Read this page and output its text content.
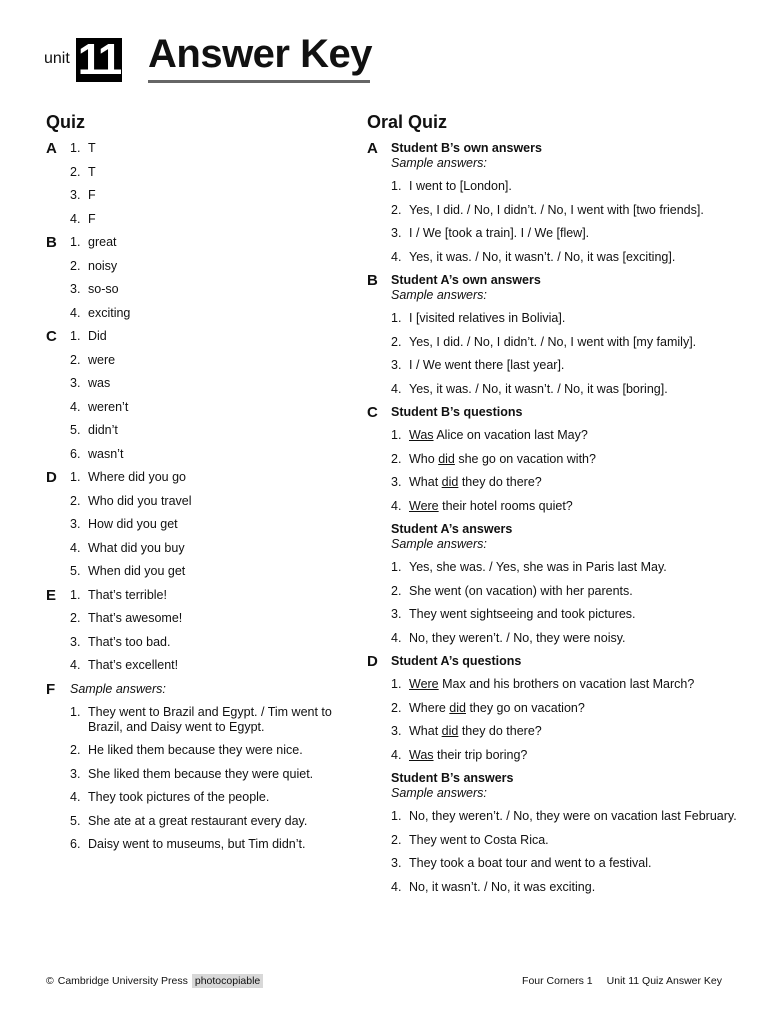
unit 11 Answer Key
Quiz
A 1. T
2. T
3. F
4. F
B 1. great
2. noisy
3. so-so
4. exciting
C 1. Did
2. were
3. was
4. weren’t
5. didn’t
6. wasn’t
D 1. Where did you go
2. Who did you travel
3. How did you get
4. What did you buy
5. When did you get
E 1. That’s terrible!
2. That’s awesome!
3. That’s too bad.
4. That’s excellent!
F Sample answers:
1. They went to Brazil and Egypt. / Tim went to Brazil, and Daisy went to Egypt.
2. He liked them because they were nice.
3. She liked them because they were quiet.
4. They took pictures of the people.
5. She ate at a great restaurant every day.
6. Daisy went to museums, but Tim didn’t.
Oral Quiz
A Student B’s own answers
Sample answers:
1. I went to [London].
2. Yes, I did. / No, I didn’t. / No, I went with [two friends].
3. I / We [took a train]. I / We [flew].
4. Yes, it was. / No, it wasn’t. / No, it was [exciting].
B Student A’s own answers
Sample answers:
1. I [visited relatives in Bolivia].
2. Yes, I did. / No, I didn’t. / No, I went with [my family].
3. I / We went there [last year].
4. Yes, it was. / No, it wasn’t. / No, it was [boring].
C Student B’s questions
1. Was Alice on vacation last May?
2. Who did she go on vacation with?
3. What did they do there?
4. Were their hotel rooms quiet?
Student A’s answers
Sample answers:
1. Yes, she was. / Yes, she was in Paris last May.
2. She went (on vacation) with her parents.
3. They went sightseeing and took pictures.
4. No, they weren’t. / No, they were noisy.
D Student A’s questions
1. Were Max and his brothers on vacation last March?
2. Where did they go on vacation?
3. What did they do there?
4. Was their trip boring?
Student B’s answers
Sample answers:
1. No, they weren’t. / No, they were on vacation last February.
2. They went to Costa Rica.
3. They took a boat tour and went to a festival.
4. No, it wasn’t. / No, it was exciting.
© Cambridge University Press photocopiable	Four Corners 1 Unit 11 Quiz Answer Key
